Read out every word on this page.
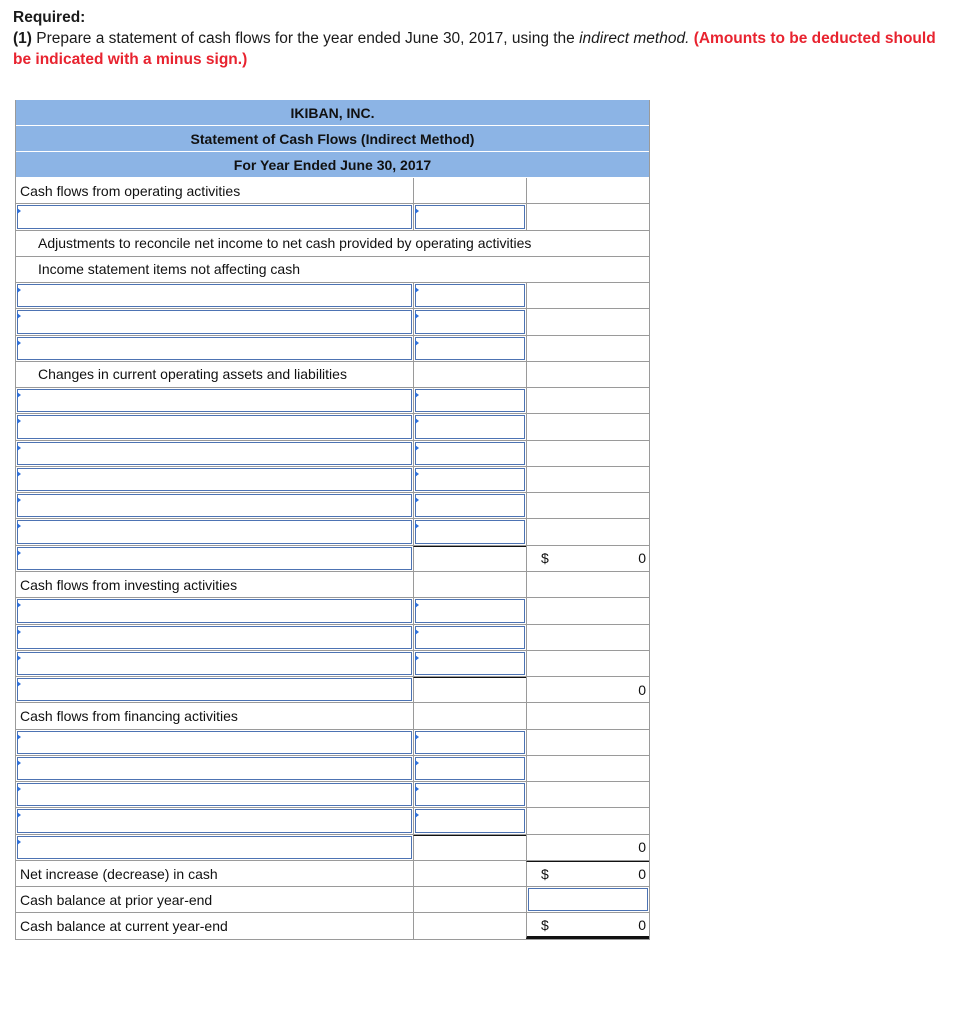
Required:
(1) Prepare a statement of cash flows for the year ended June 30, 2017, using the indirect method. (Amounts to be deducted should be indicated with a minus sign.)
IKIBAN, INC.
Statement of Cash Flows (Indirect Method)
For Year Ended June 30, 2017
Cash flows from operating activities
Adjustments to reconcile net income to net cash provided by operating activities
Income statement items not affecting cash
Changes in current operating assets and liabilities
$	0
Cash flows from investing activities
0
Cash flows from financing activities
0
Net increase (decrease) in cash	$	0
Cash balance at prior year-end
Cash balance at current year-end	$	0
